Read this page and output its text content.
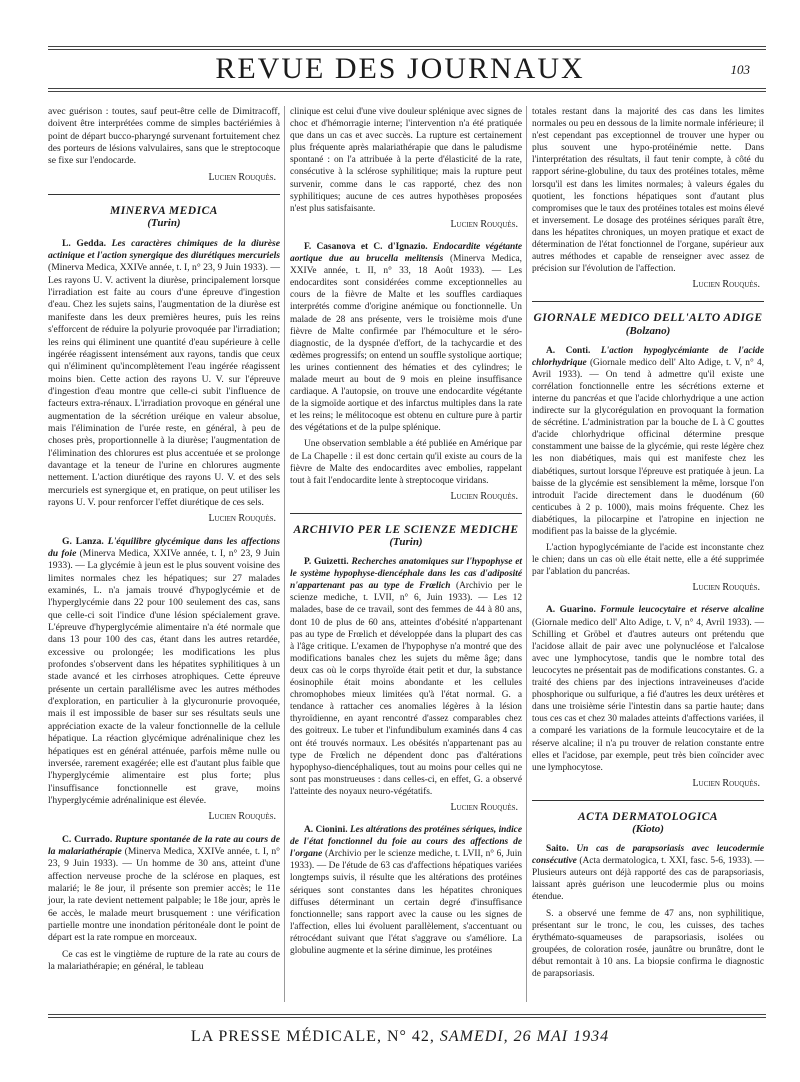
REVUE DES JOURNAUX	103

avec guérison : toutes, sauf peut-être celle de Dimitracoff, doivent être interprétées comme de simples bactériémies à point de départ bucco-pharyngé survenant fortuitement chez des porteurs de lésions valvulaires, sans que le streptocoque se fixe sur l'endocarde.

Lucien Rouquès.
MINERVA MEDICA
(Turin)

L. Gedda. Les caractères chimiques de la diurèse actinique et l'action synergique des diurétiques mercuriels (Minerva Medica, XXIVe année, t. I, n° 23, 9 Juin 1933). — Les rayons U. V. activent la diurèse, principalement lorsque l'irradiation est faite au cours d'une épreuve d'ingestion d'eau. Chez les sujets sains, l'augmentation de la diurèse est manifeste dans les deux premières heures, puis les reins s'efforcent de réduire la polyurie provoquée par l'irradiation; les reins qui éliminent une quantité d'eau supérieure à celle ingérée réagissent intensément aux rayons, tandis que ceux qui n'éliminent qu'incomplètement l'eau ingérée réagissent moins bien. Cette action des rayons U. V. sur l'épreuve d'ingestion d'eau montre que celle-ci subit l'influence de facteurs extra-rénaux. L'irradiation provoque en général une augmentation de la sécrétion uréique en valeur absolue, mais l'élimination de l'urée reste, en général, à peu de choses près, proportionnelle à la diurèse; l'augmentation de l'élimination des chlorures est plus accentuée et se prolonge davantage et la teneur de l'urine en chlorures augmente nettement. L'action diurétique des rayons U. V. et des sels mercuriels est synergique et, en pratique, on peut utiliser les rayons U. V. pour renforcer l'effet diurétique de ces sels.

Lucien Rouquès.

G. Lanza. L'équilibre glycémique dans les affections du foie (Minerva Medica, XXIVe année, t. I, n° 23, 9 Juin 1933). — La glycémie à jeun est le plus souvent voisine des limites normales chez les hépatiques; sur 27 malades examinés, L. n'a jamais trouvé d'hypoglycémie et de l'hyperglycémie dans 22 pour 100 seulement des cas, sans que celle-ci soit l'indice d'une lésion spécialement grave. L'épreuve d'hyperglycémie alimentaire n'a été normale que dans 13 pour 100 des cas, étant dans les autres retardée, excessive ou prolongée; les modifications les plus profondes s'observent dans les hépatites syphilitiques à un stade avancé et les cirrhoses atrophiques. Cette épreuve présente un certain parallélisme avec les autres méthodes d'exploration, en particulier à la glycuronurie provoquée, mais il est impossible de baser sur ses résultats seuls une appréciation exacte de la valeur fonctionnelle de la cellule hépatique. La réaction glycémique adrénalinique chez les hépatiques est en général atténuée, parfois même nulle ou inversée, rarement exagérée; elle est d'autant plus faible que l'hyperglycémie alimentaire est plus forte; plus l'insuffisance fonctionnelle est grave, moins l'hyperglycémie adrénalinique est élevée.

Lucien Rouquès.

C. Currado. Rupture spontanée de la rate au cours de la malariathérapie (Minerva Medica, XXIVe année, t. I, n° 23, 9 Juin 1933). — Un homme de 30 ans, atteint d'une affection nerveuse proche de la sclérose en plaques, est malarié; le 8e jour, il présente son premier accès; le 11e jour, la rate devient nettement palpable; le 18e jour, après le 6e accès, le malade meurt brusquement : une vérification partielle montre une inondation péritonéale dont le point de départ est la rate rompue en morceaux.

Ce cas est le vingtième de rupture de la rate au cours de la malariathérapie; en général, le tableau

clinique est celui d'une vive douleur splénique avec signes de choc et d'hémorragie interne; l'intervention n'a été pratiquée que dans un cas et avec succès. La rupture est certainement plus fréquente après malariathérapie que dans le paludisme spontané : on l'a attribuée à la perte d'élasticité de la rate, consécutive à la sclérose syphilitique; mais la rupture peut survenir, comme dans le cas rapporté, chez des non syphilitiques; aucune de ces autres hypothèses proposées n'est plus satisfaisante.

Lucien Rouquès.

F. Casanova et C. d'Ignazio. Endocardite végétante aortique due au brucella melitensis (Minerva Medica, XXIVe année, t. II, n° 33, 18 Août 1933). — Les endocardites sont considérées comme exceptionnelles au cours de la fièvre de Malte et les souffles cardiaques interprétés comme d'origine anémique ou fonctionnelle. Un malade de 28 ans présente, vers le troisième mois d'une fièvre de Malte confirmée par l'hémoculture et le séro-diagnostic, de la dyspnée d'effort, de la tachycardie et des œdèmes progressifs; on entend un souffle systolique aortique; les urines contiennent des hématies et des cylindres; le malade meurt au bout de 9 mois en pleine insuffisance cardiaque. A l'autopsie, on trouve une endocardite végétante de la sigmoïde aortique et des infarctus multiples dans la rate et les reins; le mélitocoque est obtenu en culture pure à partir des végétations et de la pulpe splénique.

Une observation semblable a été publiée en Amérique par de La Chapelle : il est donc certain qu'il existe au cours de la fièvre de Malte des endocardites avec embolies, rappelant tout à fait l'endocardite lente à streptocoque viridans.

Lucien Rouquès.
ARCHIVIO PER LE SCIENZE MEDICHE
(Turin)

P. Guizetti. Recherches anatomiques sur l'hypophyse et le système hypophyse-diencéphale dans les cas d'adiposité n'appartenant pas au type de Frœlich (Archivio per le scienze mediche, t. LVII, n° 6, Juin 1933). — Les 12 malades, base de ce travail, sont des femmes de 44 à 80 ans, dont 10 de plus de 60 ans, atteintes d'obésité n'appartenant pas au type de Frœlich et développée dans la plupart des cas à l'âge critique. L'examen de l'hypophyse n'a montré que des modifications banales chez les sujets du même âge; dans deux cas où le corps thyroïde était petit et dur, la substance éosinophile était moins abondante et les cellules chromophobes mieux limitées qu'à l'état normal. G. a tendance à rattacher ces anomalies légères à la lésion thyroïdienne, en ayant rencontré d'assez comparables chez des goitreux. Le tuber et l'infundibulum examinés dans 4 cas ont été trouvés normaux. Les obésités n'appartenant pas au type de Frœlich ne dépendent donc pas d'altérations hypophyso-diencéphaliques, tout au moins pour celles qui ne sont pas monstrueuses : dans celles-ci, en effet, G. a observé l'atteinte des noyaux neuro-végétatifs.

Lucien Rouquès.

A. Cionini. Les altérations des protéines sériques, indice de l'état fonctionnel du foie au cours des affections de l'organe (Archivio per le scienze mediche, t. LVII, n° 6, Juin 1933). — De l'étude de 63 cas d'affections hépatiques variées longtemps suivis, il résulte que les altérations des protéines sériques sont constantes dans les hépatites chroniques diffuses déterminant un certain degré d'insuffisance fonctionnelle; sans rapport avec la cause ou les signes de l'affection, elles lui évoluent parallèlement, s'accentuant ou rétrocédant suivant que l'état s'aggrave ou s'améliore. La globuline augmente et la sérine diminue, les protéines

totales restant dans la majorité des cas dans les limites normales ou peu en dessous de la limite normale inférieure; il n'est cependant pas exceptionnel de trouver une hyper ou plus souvent une hypo-protéinémie nette. Dans l'interprétation des résultats, il faut tenir compte, à côté du rapport sérine-globuline, du taux des protéines totales, même lorsqu'il est dans les limites normales; à valeurs égales du quotient, les fonctions hépatiques sont d'autant plus compromises que le taux des protéines totales est moins élevé et inversement. Le dosage des protéines sériques paraît être, dans les hépatites chroniques, un moyen pratique et exact de détermination de l'état fonctionnel de l'organe, supérieur aux autres méthodes et capable de renseigner avec assez de précision sur l'évolution de l'affection.

Lucien Rouquès.
GIORNALE MEDICO DELL'ALTO ADIGE
(Bolzano)

A. Conti. L'action hypoglycémiante de l'acide chlorhydrique (Giornale medico dell' Alto Adige, t. V, n° 4, Avril 1933). — On tend à admettre qu'il existe une corrélation fonctionnelle entre les sécrétions externe et interne du pancréas et que l'acide chlorhydrique a une action indirecte sur la glycorégulation en provoquant la formation de sécrétine. L'administration par la bouche de L à C gouttes d'acide chlorhydrique officinal détermine presque constamment une baisse de la glycémie, qui reste légère chez les non diabétiques, mais qui est manifeste chez les diabétiques, surtout lorsque l'épreuve est pratiquée à jeun. La baisse de la glycémie est sensiblement la même, lorsque l'on introduit l'acide directement dans le duodénum (60 centicubes à 2 p. 1000), mais moins fréquente. Chez les diabétiques, la pilocarpine et l'atropine en injection ne modifient pas la baisse de la glycémie.

L'action hypoglycémiante de l'acide est inconstante chez le chien; dans un cas où elle était nette, elle a été supprimée par l'ablation du pancréas.

Lucien Rouquès.

A. Guarino. Formule leucocytaire et réserve alcaline (Giornale medico dell' Alto Adige, t. V, n° 4, Avril 1933). — Schilling et Gröbel et d'autres auteurs ont prétendu que l'acidose allait de pair avec une polynucléose et l'alcalose avec une lymphocytose, tandis que le nombre total des leucocytes ne présentait pas de modifications constantes. G. a traité des chiens par des injections intraveineuses d'acide phosphorique ou sulfurique, a fié d'autres les deux urétères et dans une troisième série l'intestin dans sa partie haute; dans tous ces cas et chez 30 malades atteints d'affections variées, il a comparé les variations de la formule leucocytaire et de la réserve alcaline; il n'a pu trouver de relation constante entre elles et l'acidose, par exemple, peut très bien coïncider avec une lymphocytose.

Lucien Rouquès.
ACTA DERMATOLOGICA
(Kioto)

Saito. Un cas de parapsoriasis avec leucodermie consécutive (Acta dermatologica, t. XXI, fasc. 5-6, 1933). — Plusieurs auteurs ont déjà rapporté des cas de parapsoriasis, laissant après guérison une leucodermie plus ou moins étendue.

S. a observé une femme de 47 ans, non syphilitique, présentant sur le tronc, le cou, les cuisses, des taches érythémato-squameuses de parapsoriasis, isolées ou groupées, de coloration rosée, jaunâtre ou brunâtre, dont le début remontait à 10 ans. La biopsie confirma le diagnostic de parapsoriasis.

LA PRESSE MÉDICALE, N° 42, SAMEDI, 26 MAI 1934
